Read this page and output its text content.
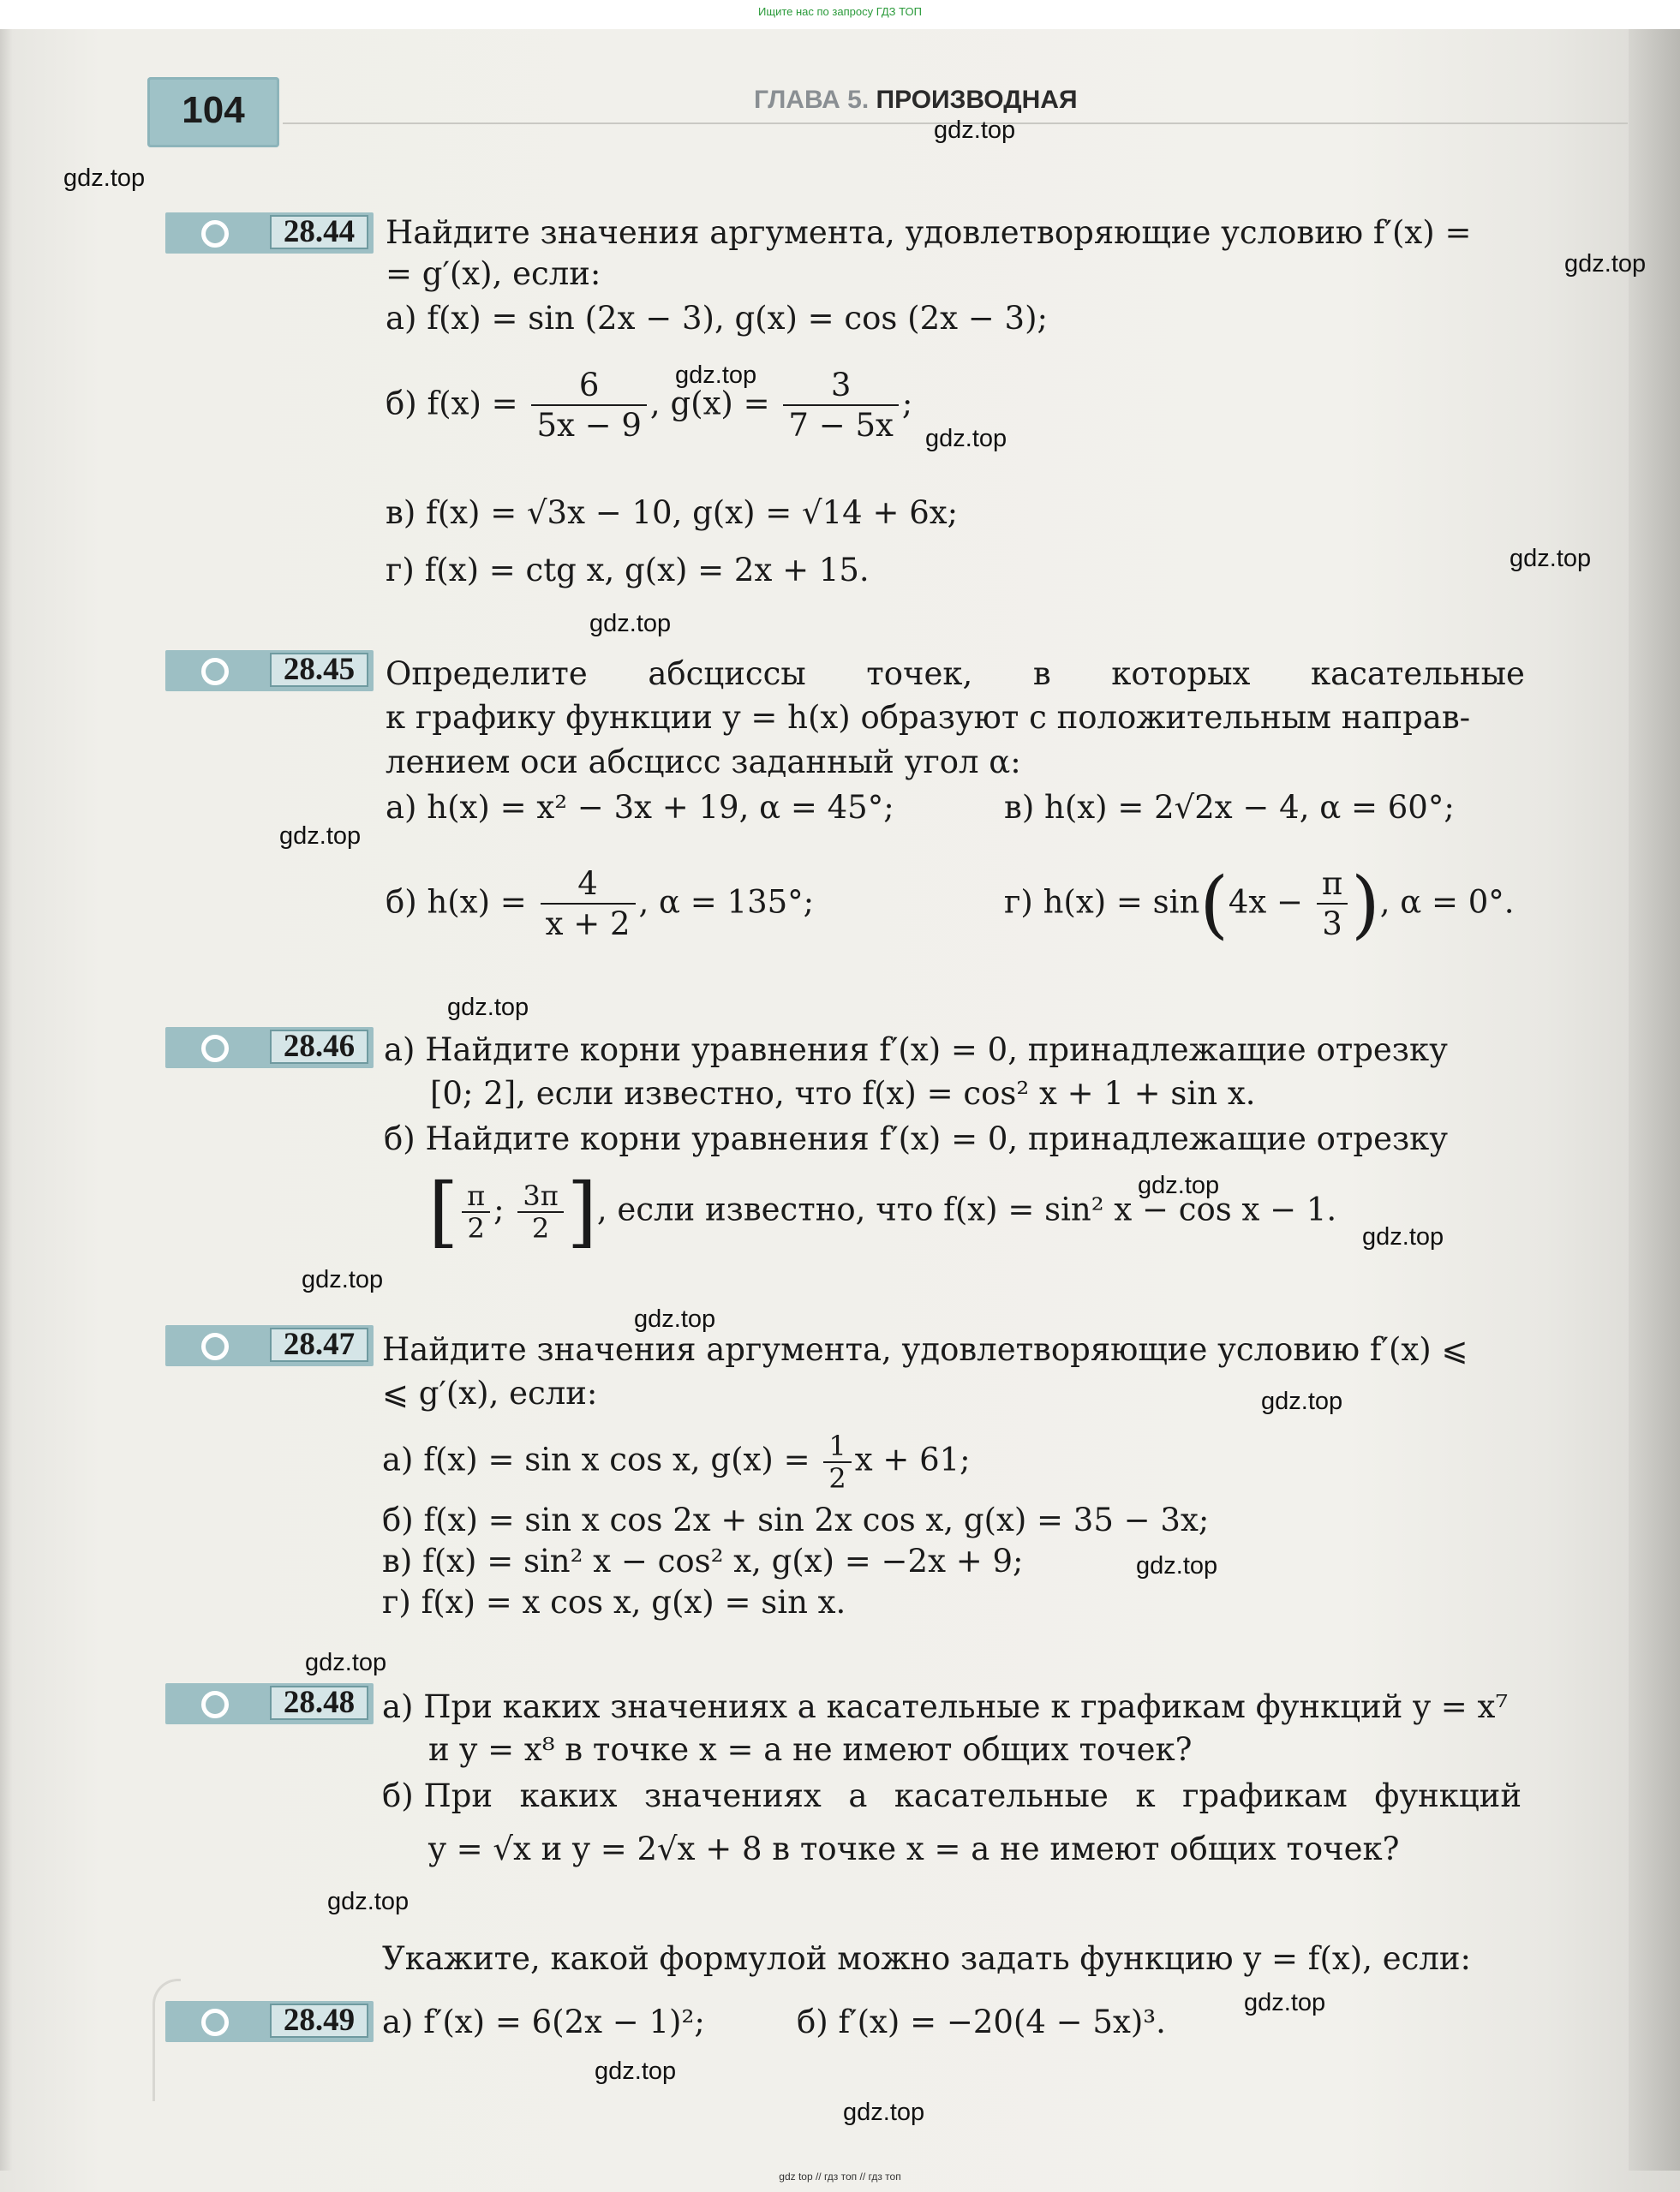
Ищите нас по запросу ГДЗ ТОП
104	ГЛАВА 5. ПРОИЗВОДНАЯ
gdz.top
gdz.top
gdz.top
gdz.top
gdz.top
gdz.top
gdz.top
gdz.top
gdz.top
gdz.top
gdz.top
gdz.top
gdz.top
gdz.top
gdz.top
gdz.top
gdz.top
gdz.top
gdz.top
gdz.top
28.44 Найдите значения аргумента, удовлетворяющие условию f′(x) =
= g′(x), если:
а) f(x) = sin (2x − 3), g(x) = cos (2x − 3);
б) $f(x) = \frac{6}{5x - 9}$ , $g(x) = \frac{3}{7 - 5x}$ ;
в) f(x) = √3x − 10, g(x) = √14 + 6x;
г) f(x) = ctg x, g(x) = 2x + 15.
28.45 Определите абсциссы точек, в которых касательные
к графику функции y = h(x) образуют с положительным направ-
лением оси абсцисс заданный угол α:
а) h(x) = x² − 3x + 19, α = 45°;	в) h(x) = 2√2x − 4, α = 60°;
б) $h(x) = \frac{4}{x + 2}$ , α = 135°;	г) $h(x) = \sin(4x - \frac{\pi}{3}$ ), α = 0°.
28.46 а) Найдите корни уравнения f′(x) = 0, принадлежащие отрезку
[0; 2], если известно, что f(x) = cos² x + 1 + sin x.
б) Найдите корни уравнения f′(x) = 0, принадлежащие отрезку
[ $\frac{\pi}{2}$ ; $\frac{3\pi}{2}$ ], если известно, что f(x) = sin² x − cos x − 1.
28.47 Найдите значения аргумента, удовлетворяющие условию f′(x) ⩽
⩽ g′(x), если:
а) f(x) = sin x cos x, $g(x) = \frac{1}{2}$ x + 61;
б) f(x) = sin x cos 2x + sin 2x cos x, g(x) = 35 − 3x;
в) f(x) = sin² x − cos² x, g(x) = −2x + 9;
г) f(x) = x cos x, g(x) = sin x.
28.48 а) При каких значениях a касательные к графикам функций y = x⁷
и y = x⁸ в точке x = a не имеют общих точек?
б) При каких значениях a касательные к графикам функций
y = √x и y = 2√x + 8 в точке x = a не имеют общих точек?
Укажите, какой формулой можно задать функцию y = f(x), если:
28.49 а) f′(x) = 6(2x − 1)²;	б) f′(x) = −20(4 − 5x)³.
gdz top // гдз топ // гдз топ
